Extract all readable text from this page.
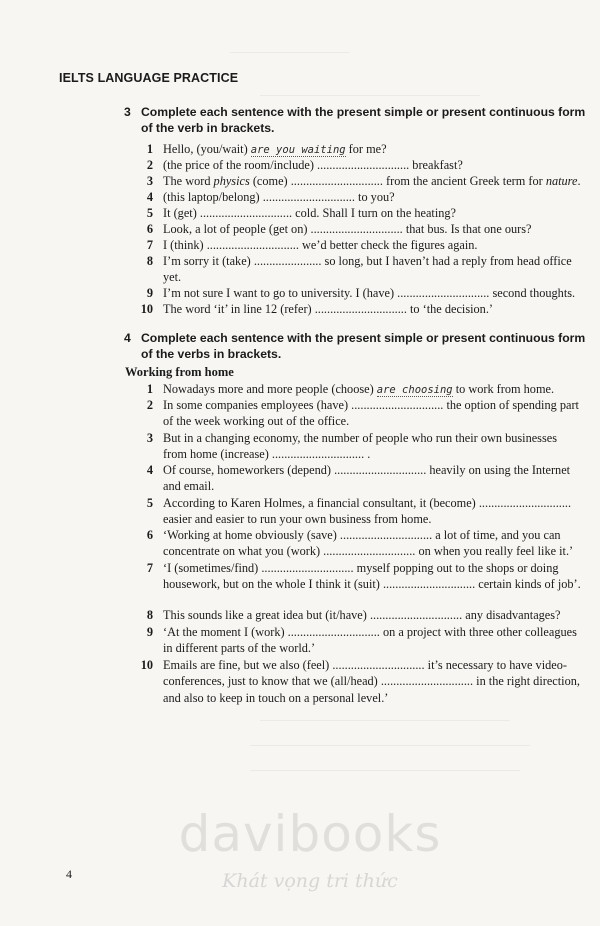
IELTS LANGUAGE PRACTICE
3 Complete each sentence with the present simple or present continuous form of the verb in brackets.
1 Hello, (you/wait) are you waiting for me?
2 (the price of the room/include) .............................. breakfast?
3 The word physics (come) .............................. from the ancient Greek term for nature.
4 (this laptop/belong) .............................. to you?
5 It (get) .............................. cold. Shall I turn on the heating?
6 Look, a lot of people (get on) .............................. that bus. Is that one ours?
7 I (think) .............................. we’d better check the figures again.
8 I’m sorry it (take) ...................... so long, but I haven’t had a reply from head office yet.
9 I’m not sure I want to go to university. I (have) .............................. second thoughts.
10 The word ‘it’ in line 12 (refer) .............................. to ‘the decision.’
4 Complete each sentence with the present simple or present continuous form of the verbs in brackets.
Working from home
1 Nowadays more and more people (choose) are choosing to work from home.
2 In some companies employees (have) .............................. the option of spending part of the week working out of the office.
3 But in a changing economy, the number of people who run their own businesses from home (increase) .............................. .
4 Of course, homeworkers (depend) .............................. heavily on using the Internet and email.
5 According to Karen Holmes, a financial consultant, it (become) .............................. easier and easier to run your own business from home.
6 ‘Working at home obviously (save) .............................. a lot of time, and you can concentrate on what you (work) .............................. on when you really feel like it.’
7 ‘I (sometimes/find) .............................. myself popping out to the shops or doing housework, but on the whole I think it (suit) .............................. certain kinds of job’.
8 This sounds like a great idea but (it/have) .............................. any disadvantages?
9 ‘At the moment I (work) .............................. on a project with three other colleagues in different parts of the world.’
10 Emails are fine, but we also (feel) .............................. it’s necessary to have video-conferences, just to know that we (all/head) .............................. in the right direction, and also to keep in touch on a personal level.’
davibooks
Khát vọng tri thức
4
